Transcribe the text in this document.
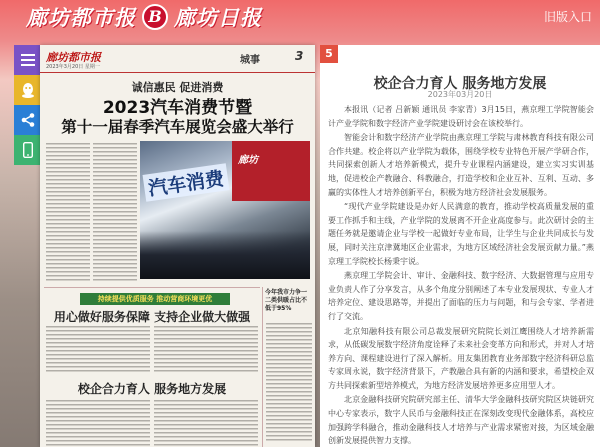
廊坊都市报 B 廊坊日报	旧版入口
廊坊都市报
2023年3月20日 星期一
城事	3
诚信惠民 促进消费
2023汽车消费节暨
第十一届春季汽车展览会盛大举行
廊坊
汽车消费
持续提供优质服务 推动营商环境更优
用心做好服务保障 支持企业做大做强
校企合力育人 服务地方发展
今年我市力争一二类供暖占比不低于95%
5
校企合力育人 服务地方发展
2023年03月20日

本报讯（记者 吕新颖 通讯员 李家青）3月15日，燕京理工学院智能会计产业学院和数字经济产业学院建设研讨会在该校举行。

智能会计和数字经济产业学院由燕京理工学院与肃林教育科技有限公司合作共建。校企将以产业学院为载体，围绕学校专业特色开展产学研合作，共同探索创新人才培养新模式，提升专业课程内涵建设，建立实习实训基地，促进校企产教融合、科教融合，打造学校和企业互补、互利、互动、多赢的实体性人才培养创新平台，积极为地方经济社会发展服务。

“现代产业学院建设是办好人民满意的教育，推动学校高质量发展的重要工作抓手和主线，产业学院的发展离不开企业高度参与。此次研讨会的主题任务就是邀请企业与学校一起做好专业布局，让学生与企业共同成长与发展，同时关注京津冀地区企业需求，为地方区域经济社会发展贡献力量。”燕京理工学院校长杨秉宇说。

燕京理工学院会计、审计、金融科技、数字经济、大数据管理与应用专业负责人作了分享发言，从多个角度分别阐述了本专业发展现状、专业人才培养定位、建设思路等，并提出了面临的压力与问题，和与会专家、学者进行了交流。

北京知融科技有限公司总裁发展研究院院长刘江鹰围绕人才培养新需求，从低碳发展数字经济角度诠释了未来社会变革方向和形式，并对人才培养方向、课程建设进行了深入解析。用友集团教育业务部数字经济科研总监专家周永说，数字经济背景下，产教融合具有新的内涵和要求，希望校企双方共同探索新型培养模式，为地方经济发展培养更多应用型人才。

北京金融科技研究院研究部主任、清华大学金融科技研究院区块链研究中心专家表示，数字人民币与金融科技正在深刻改变现代金融体系，高校应加强跨学科融合，推动金融科技人才培养与产业需求紧密对接，为区域金融创新发展提供智力支撑。
